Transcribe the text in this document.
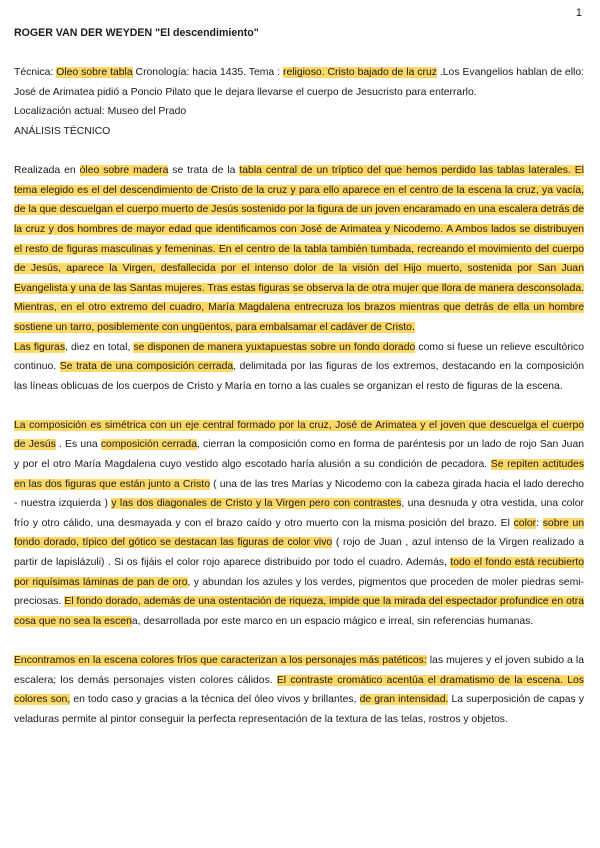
1

ROGER VAN DER WEYDEN "El descendimiento"

Técnica: Oleo sobre tabla Cronología: hacia 1435. Tema : religioso. Cristo bajado de la cruz .Los Evangelios hablan de ello: José de Arimatea pidió a Poncio Pilato que le dejara llevarse el cuerpo de Jesucristo para enterrarlo.

Localización actual: Museo del Prado

ANÁLISIS TÉCNICO

Realizada en óleo sobre madera se trata de la tabla central de un tríptico del que hemos perdido las tablas laterales. El tema elegido es el del descendimiento de Cristo de la cruz y para ello aparece en el centro de la escena la cruz, ya vacía, de la que descuelgan el cuerpo muerto de Jesús sostenido por la figura de un joven encaramado en una escalera detrás de la cruz y dos hombres de mayor edad que identificamos con José de Arimatea y Nicodemo. A Ambos lados se distribuyen el resto de figuras masculinas y femeninas. En el centro de la tabla también tumbada, recreando el movimiento del cuerpo de Jesús, aparece la Virgen, desfallecida por el intenso dolor de la visión del Hijo muerto, sostenida por San Juan Evangelista y una de las Santas mujeres. Tras estas figuras se observa la de otra mujer que llora de manera desconsolada. Mientras, en el otro extremo del cuadro, María Magdalena entrecruza los brazos mientras que detrás de ella un hombre sostiene un tarro, posiblemente con ungüentos, para embalsamar el cadáver de Cristo.

Las figuras, diez en total, se disponen de manera yuxtapuestas sobre un fondo dorado como si fuese un relieve escultórico continuo. Se trata de una composición cerrada, delimitada por las figuras de los extremos, destacando en la composición las líneas oblicuas de los cuerpos de Cristo y María en torno a las cuales se organizan el resto de figuras de la escena.

La composición es simétrica con un eje central formado por la cruz, José de Arimatea y el joven que descuelga el cuerpo de Jesús . Es una composición cerrada, cierran la composición como en forma de paréntesis por un lado de rojo San Juan y por el otro María Magdalena cuyo vestido algo escotado haría alusión a su condición de pecadora. Se repiten actitudes en las dos figuras que están junto a Cristo ( una de las tres Marías y Nicodemo con la cabeza girada hacia el lado derecho - nuestra izquierda ) y las dos diagonales de Cristo y la Virgen pero con contrastes, una desnuda y otra vestida, una color frío y otro cálido, una desmayada y con el brazo caído y otro muerto con la misma posición del brazo. El color: sobre un fondo dorado, típico del gótico se destacan las figuras de color vivo ( rojo de Juan , azul intenso de la Virgen realizado a partir de lapislázuli) . Si os fijáis el color rojo aparece distribuido por todo el cuadro. Además, todo el fondo está recubierto por riquísimas láminas de pan de oro, y abundan los azules y los verdes, pigmentos que proceden de moler piedras semi-preciosas. El fondo dorado, además de una ostentación de riqueza, impide que la mirada del espectador profundice en otra cosa que no sea la escena, desarrollada por este marco en un espacio mágico e irreal, sin referencias humanas.

Encontramos en la escena colores fríos que caracterizan a los personajes más patéticos: las mujeres y el joven subido a la escalera; los demás personajes visten colores cálidos. El contraste cromático acentúa el dramatismo de la escena. Los colores son, en todo caso y gracias a la técnica del óleo vivos y brillantes, de gran intensidad. La superposición de capas y veladuras permite al pintor conseguir la perfecta representación de la textura de las telas, rostros y objetos.
